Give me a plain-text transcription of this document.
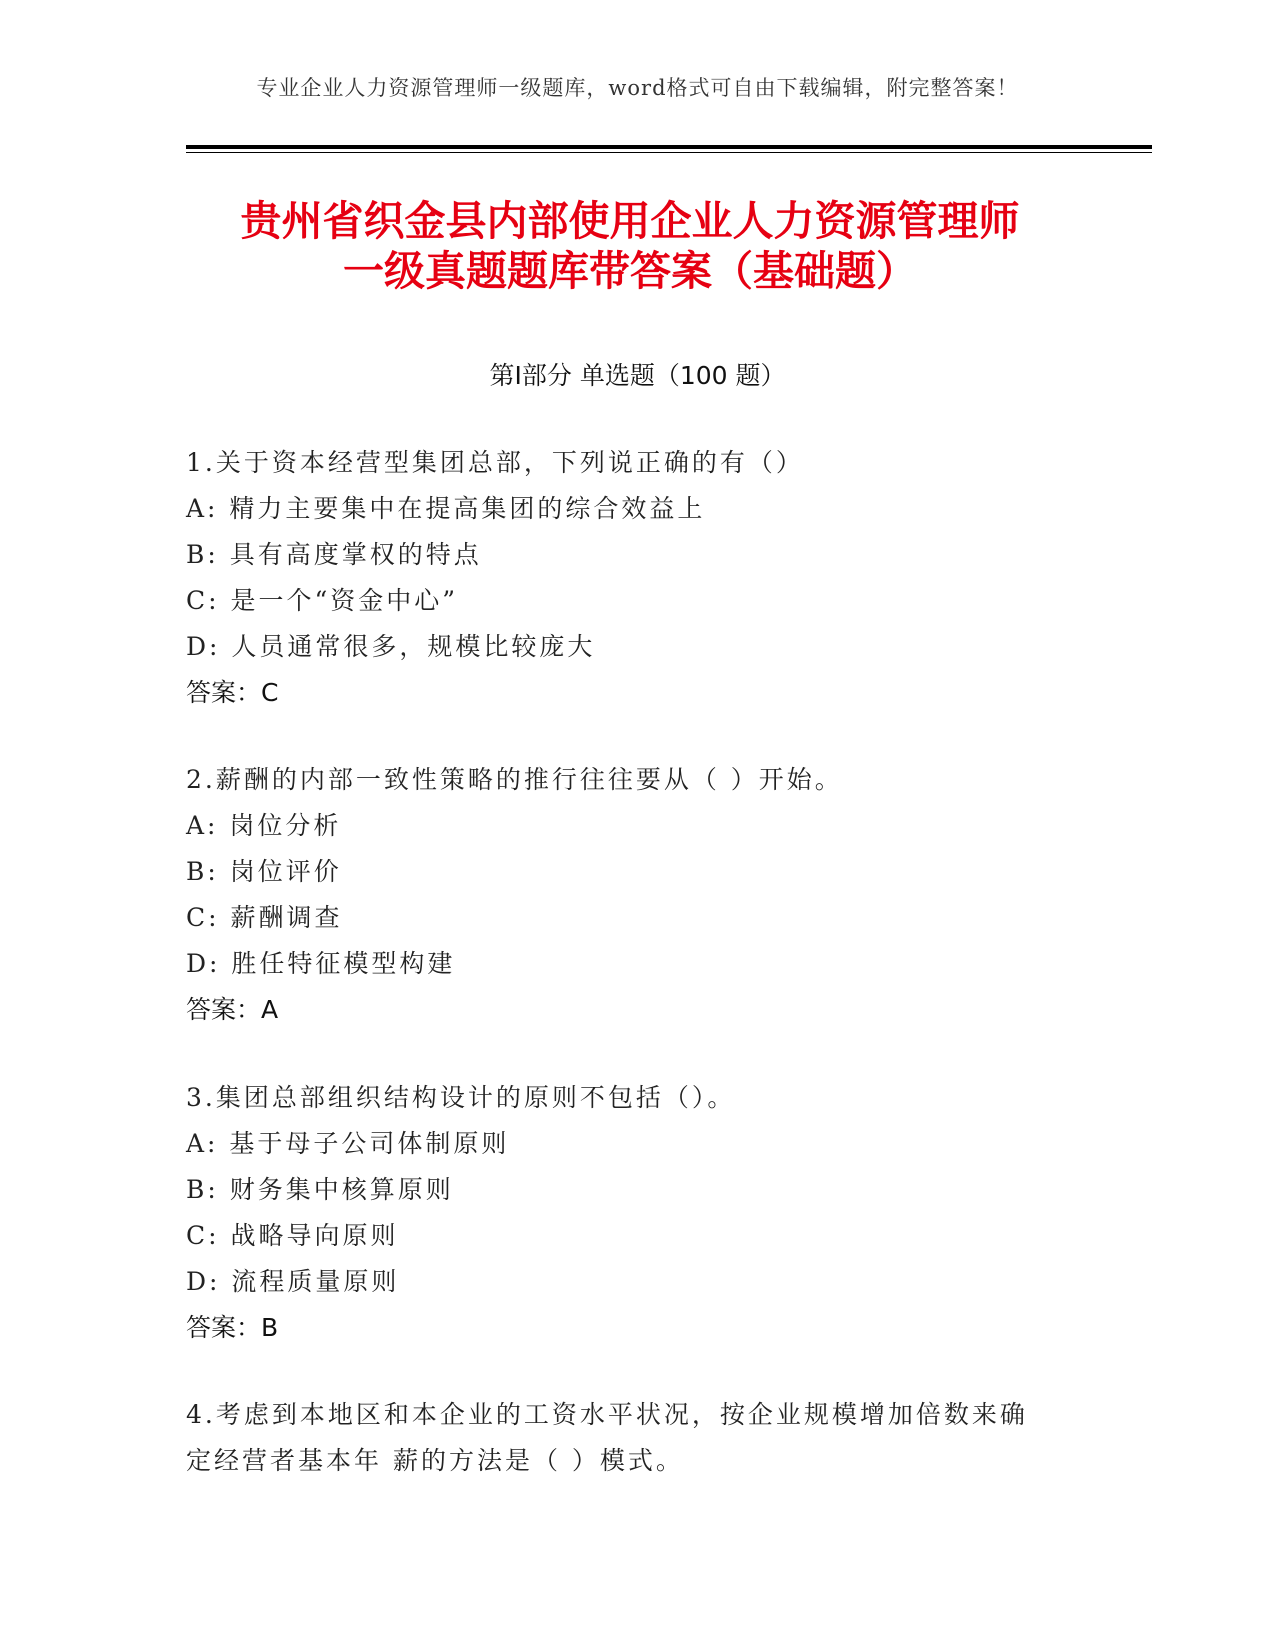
专业企业人力资源管理师一级题库，word格式可自由下载编辑，附完整答案！
贵州省织金县内部使用企业人力资源管理师
一级真题题库带答案（基础题）
第Ⅰ部分 单选题（100 题）
1.关于资本经营型集团总部，下列说正确的有（）
A: 精力主要集中在提高集团的综合效益上
B: 具有高度掌权的特点
C: 是一个“资金中心”
D: 人员通常很多，规模比较庞大
答案：C
2.薪酬的内部一致性策略的推行往往要从（ ）开始。
A: 岗位分析
B: 岗位评价
C: 薪酬调查
D: 胜任特征模型构建
答案：A
3.集团总部组织结构设计的原则不包括（）。
A: 基于母子公司体制原则
B: 财务集中核算原则
C: 战略导向原则
D: 流程质量原则
答案：B
4.考虑到本地区和本企业的工资水平状况，按企业规模增加倍数来确
定经营者基本年 薪的方法是（ ）模式。
